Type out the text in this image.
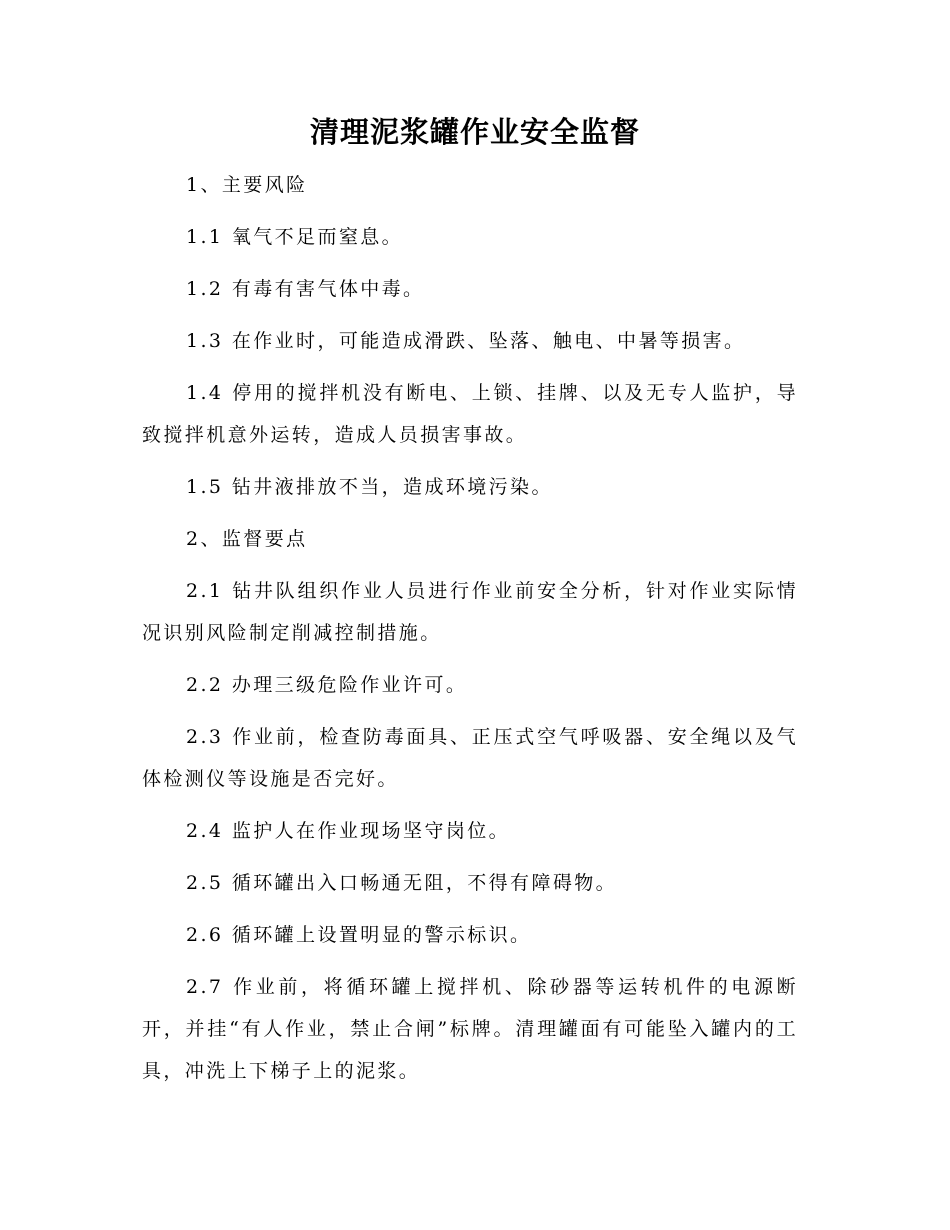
清理泥浆罐作业安全监督

1、主要风险

1.1 氧气不足而窒息。

1.2 有毒有害气体中毒。

1.3 在作业时，可能造成滑跌、坠落、触电、中暑等损害。

1.4 停用的搅拌机没有断电、上锁、挂牌、以及无专人监护，导致搅拌机意外运转，造成人员损害事故。

1.5 钻井液排放不当，造成环境污染。

2、监督要点

2.1 钻井队组织作业人员进行作业前安全分析，针对作业实际情况识别风险制定削减控制措施。

2.2 办理三级危险作业许可。

2.3 作业前，检查防毒面具、正压式空气呼吸器、安全绳以及气体检测仪等设施是否完好。

2.4 监护人在作业现场坚守岗位。

2.5 循环罐出入口畅通无阻，不得有障碍物。

2.6 循环罐上设置明显的警示标识。

2.7 作业前，将循环罐上搅拌机、除砂器等运转机件的电源断开，并挂“有人作业，禁止合闸”标牌。清理罐面有可能坠入罐内的工具，冲洗上下梯子上的泥浆。
